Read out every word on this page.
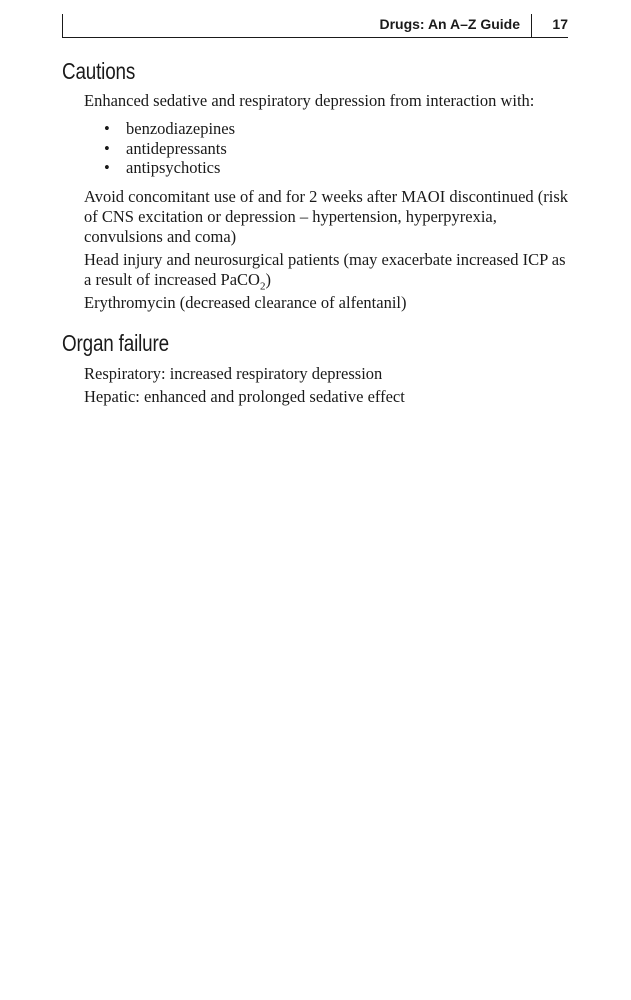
Drugs: An A–Z Guide 17
Cautions

Enhanced sedative and respiratory depression from interaction with:

• benzodiazepines
• antidepressants
• antipsychotics

Avoid concomitant use of and for 2 weeks after MAOI discontinued (risk of CNS excitation or depression – hypertension, hyperpyrexia, convulsions and coma)

Head injury and neurosurgical patients (may exacerbate increased ICP as a result of increased PaCO$_2$)

Erythromycin (decreased clearance of alfentanil)

Organ failure

Respiratory: increased respiratory depression

Hepatic: enhanced and prolonged sedative effect
